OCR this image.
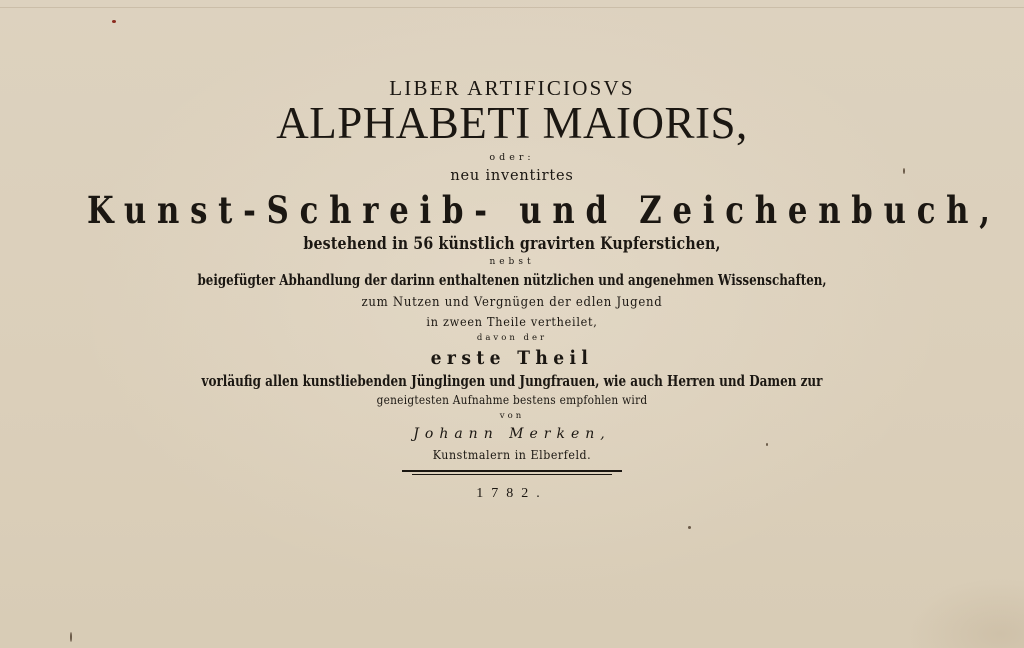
LIBER ARTIFICIOSVS
ALPHABETI MAIORIS,
oder:
neu inventirtes
Kunst-Schreib- und Zeichenbuch,
bestehend in 56 künstlich gravirten Kupferstichen,
nebst
beigefügter Abhandlung der darinn enthaltenen nützlichen und angenehmen Wissenschaften,
zum Nutzen und Vergnügen der edlen Jugend
in zween Theile vertheilet,
davon der
erste Theil
vorläufig allen kunstliebenden Jünglingen und Jungfrauen, wie auch Herren und Damen zur
geneigtesten Aufnahme bestens empfohlen wird
von
Johann Merken,
Kunstmalern in Elberfeld.
1782.
